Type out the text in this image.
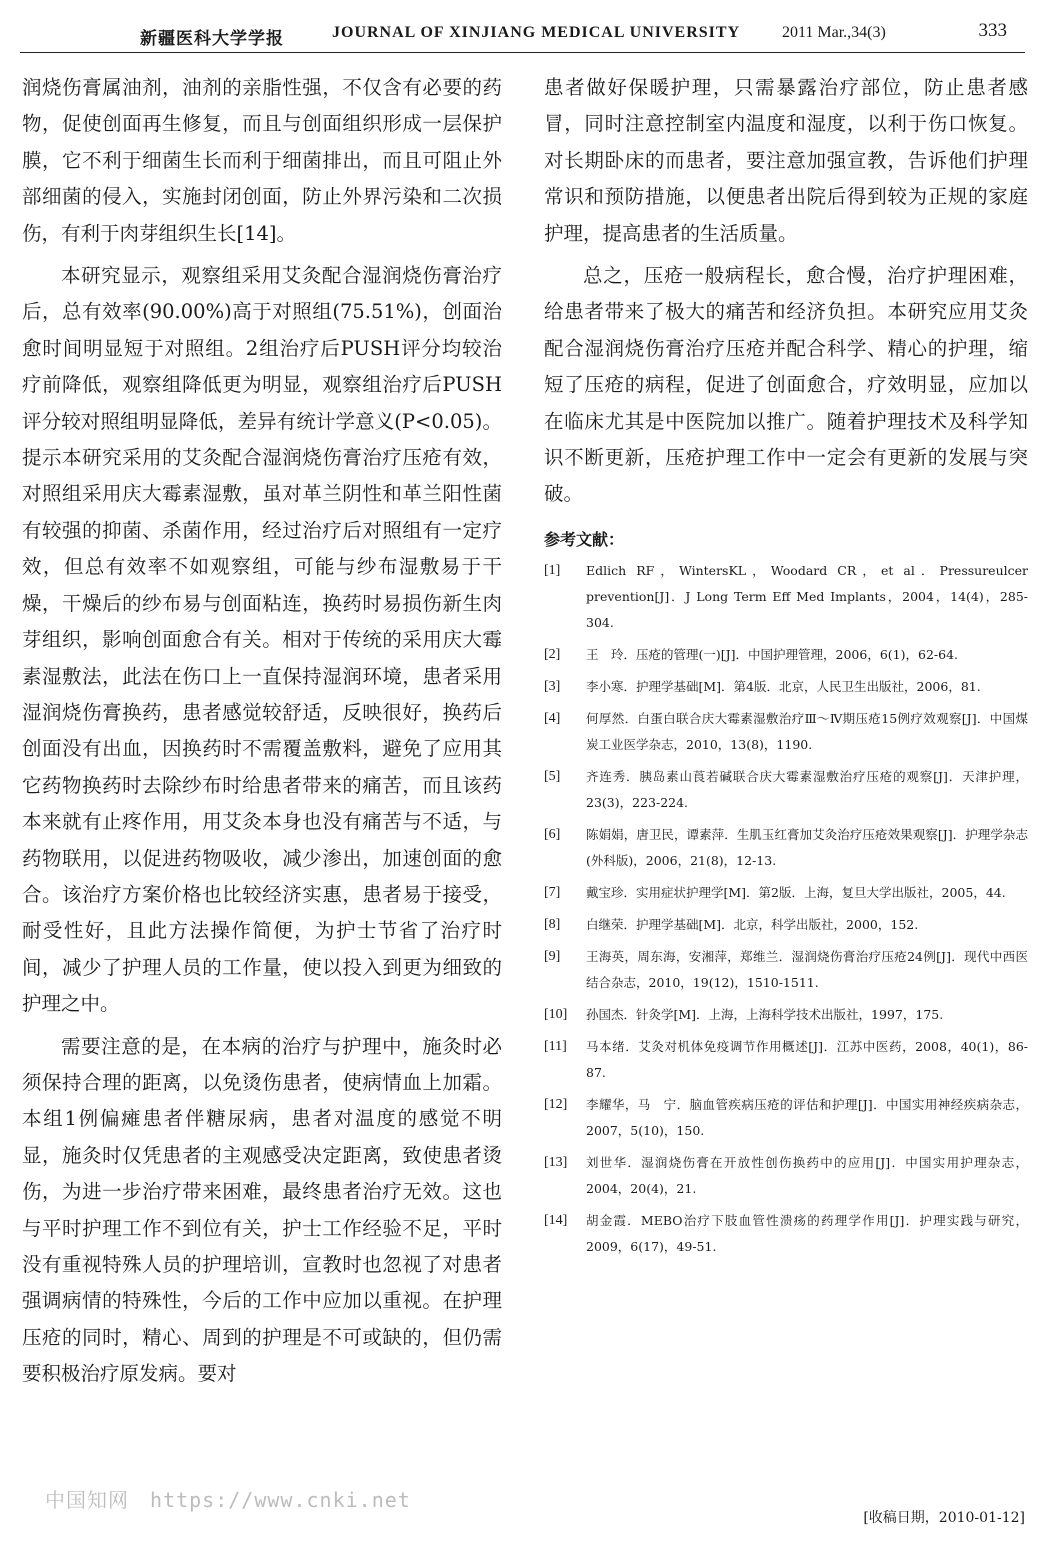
新疆医科大学学报	JOURNAL OF XINJIANG MEDICAL UNIVERSITY	2011 Mar.,34(3)	333

润烧伤膏属油剂，油剂的亲脂性强，不仅含有必要的药物，促使创面再生修复，而且与创面组织形成一层保护膜，它不利于细菌生长而利于细菌排出，而且可阻止外部细菌的侵入，实施封闭创面，防止外界污染和二次损伤，有利于肉芽组织生长[14]。

本研究显示，观察组采用艾灸配合湿润烧伤膏治疗后，总有效率(90.00%)高于对照组(75.51%)，创面治愈时间明显短于对照组。2组治疗后PUSH评分均较治疗前降低，观察组降低更为明显，观察组治疗后PUSH评分较对照组明显降低，差异有统计学意义(P<0.05)。提示本研究采用的艾灸配合湿润烧伤膏治疗压疮有效，对照组采用庆大霉素湿敷，虽对革兰阴性和革兰阳性菌有较强的抑菌、杀菌作用，经过治疗后对照组有一定疗效，但总有效率不如观察组，可能与纱布湿敷易于干燥，干燥后的纱布易与创面粘连，换药时易损伤新生肉芽组织，影响创面愈合有关。相对于传统的采用庆大霉素湿敷法，此法在伤口上一直保持湿润环境，患者采用湿润烧伤膏换药，患者感觉较舒适，反映很好，换药后创面没有出血，因换药时不需覆盖敷料，避免了应用其它药物换药时去除纱布时给患者带来的痛苦，而且该药本来就有止疼作用，用艾灸本身也没有痛苦与不适，与药物联用，以促进药物吸收，减少渗出，加速创面的愈合。该治疗方案价格也比较经济实惠，患者易于接受，耐受性好，且此方法操作简便，为护士节省了治疗时间，减少了护理人员的工作量，使以投入到更为细致的护理之中。

需要注意的是，在本病的治疗与护理中，施灸时必须保持合理的距离，以免烫伤患者，使病情血上加霜。本组1例偏瘫患者伴糖尿病，患者对温度的感觉不明显，施灸时仅凭患者的主观感受决定距离，致使患者烫伤，为进一步治疗带来困难，最终患者治疗无效。这也与平时护理工作不到位有关，护士工作经验不足，平时没有重视特殊人员的护理培训，宣教时也忽视了对患者强调病情的特殊性，今后的工作中应加以重视。在护理压疮的同时，精心、周到的护理是不可或缺的，但仍需要积极治疗原发病。要对

患者做好保暖护理，只需暴露治疗部位，防止患者感冒，同时注意控制室内温度和湿度，以利于伤口恢复。对长期卧床的而患者，要注意加强宣教，告诉他们护理常识和预防措施，以便患者出院后得到较为正规的家庭护理，提高患者的生活质量。

总之，压疮一般病程长，愈合慢，治疗护理困难，给患者带来了极大的痛苦和经济负担。本研究应用艾灸配合湿润烧伤膏治疗压疮并配合科学、精心的护理，缩短了压疮的病程，促进了创面愈合，疗效明显，应加以在临床尤其是中医院加以推广。随着护理技术及科学知识不断更新，压疮护理工作中一定会有更新的发展与突破。

参考文献：
[1] Edlich RF，WintersKL，Woodard CR，et al．Pressureulcer prevention[J]．J Long Term Eff Med Implants，2004，14(4)，285-304.
[2] 王　玲．压疮的管理(一)[J]．中国护理管理，2006，6(1)，62-64.
[3] 李小寒．护理学基础[M]．第4版．北京，人民卫生出版社，2006，81.
[4] 何厚然．白蛋白联合庆大霉素湿敷治疗Ⅲ～Ⅳ期压疮15例疗效观察[J]．中国煤炭工业医学杂志，2010，13(8)，1190.
[5] 齐连秀．胰岛素山莨若碱联合庆大霉素湿敷治疗压疮的观察[J]．天津护理，23(3)，223-224.
[6] 陈娟娟，唐卫民，谭素萍．生肌玉红膏加艾灸治疗压疮效果观察[J]．护理学杂志(外科版)，2006，21(8)，12-13.
[7] 戴宝珍．实用症状护理学[M]．第2版．上海，复旦大学出版社，2005，44.
[8] 白继荣．护理学基础[M]．北京，科学出版社，2000，152.
[9] 王海英，周东海，安湘萍，郑维兰．湿润烧伤膏治疗压疮24例[J]．现代中西医结合杂志，2010，19(12)，1510-1511.
[10] 孙国杰．针灸学[M]．上海，上海科学技术出版社，1997，175.
[11] 马本绪．艾灸对机体免疫调节作用概述[J]．江苏中医药，2008，40(1)，86-87.
[12] 李耀华，马　宁．脑血管疾病压疮的评估和护理[J]．中国实用神经疾病杂志，2007，5(10)，150.
[13] 刘世华．湿润烧伤膏在开放性创伤换药中的应用[J]．中国实用护理杂志，2004，20(4)，21.
[14] 胡金霞．MEBO治疗下肢血管性溃疡的药理学作用[J]．护理实践与研究，2009，6(17)，49-51.
[收稿日期，2010-01-12]
中国知网　https://www.cnki.net
